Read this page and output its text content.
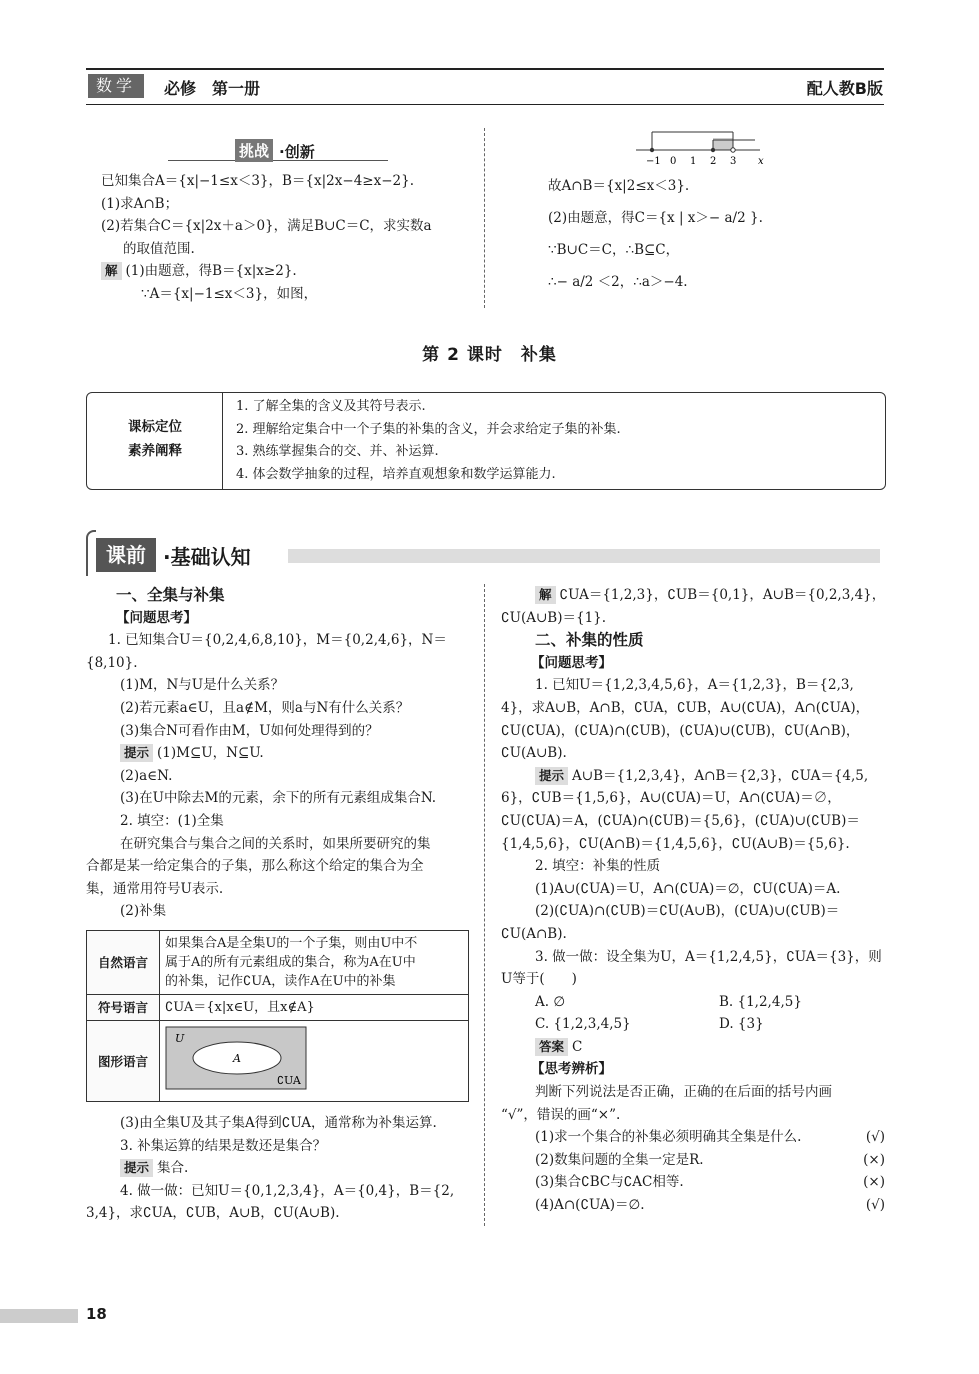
数学	必修　第一册	配人教B版
挑战 ·创新

已知集合A＝{x|−1≤x＜3}，B＝{x|2x−4≥x−2}.

(1)求A∩B；

(2)若集合C＝{x|2x＋a＞0}，满足B∪C＝C，求实数a

的取值范围.

解 (1)由题意，得B＝{x|x≥2}.

∵A＝{x|−1≤x＜3}，如图，

−1 0 1 2 3 x

故A∩B＝{x|2≤x＜3}.

(2)由题意，得C＝{x | x＞− a/2 }.

∵B∪C＝C，∴B⊆C，

∴− a/2 ＜2，∴a＞−4.

第 2 课时　补集
课标定位
素养阐释

1. 了解全集的含义及其符号表示.

2. 理解给定集合中一个子集的补集的含义，并会求给定子集的补集.

3. 熟练掌握集合的交、并、补运算.

4. 体会数学抽象的过程，培养直观想象和数学运算能力.

课前 ·基础认知

一、全集与补集

【问题思考】

1. 已知集合U＝{0,2,4,6,8,10}，M＝{0,2,4,6}，N＝

{8,10}.

(1)M，N与U是什么关系？

(2)若元素a∈U，且a∉M，则a与N有什么关系？

(3)集合N可看作由M，U如何处理得到的？

提示 (1)M⊆U，N⊆U.

(2)a∈N.

(3)在U中除去M的元素，余下的所有元素组成集合N.

2. 填空：(1)全集

在研究集合与集合之间的关系时，如果所要研究的集

合都是某一给定集合的子集，那么称这个给定的集合为全

集，通常用符号U表示.

(2)补集

自然语言	如果集合A是全集U的一个子集，则由U中不
属于A的所有元素组成的集合，称为A在U中
的补集，记作∁UA，读作A在U中的补集

符号语言	∁UA＝{x|x∈U，且x∉A}
图形语言	U
A
∁UA

(3)由全集U及其子集A得到∁UA，通常称为补集运算.

3. 补集运算的结果是数还是集合？

提示 集合.

4. 做一做：已知U＝{0,1,2,3,4}，A＝{0,4}，B＝{2,

3,4}，求∁UA，∁UB，A∪B，∁U(A∪B).

解 ∁UA＝{1,2,3}，∁UB＝{0,1}，A∪B＝{0,2,3,4}，

∁U(A∪B)＝{1}.

二、补集的性质

【问题思考】

1. 已知U＝{1,2,3,4,5,6}，A＝{1,2,3}，B＝{2,3,

4}，求A∪B，A∩B，∁UA，∁UB，A∪(∁UA)，A∩(∁UA)，

∁U(∁UA)，(∁UA)∩(∁UB)，(∁UA)∪(∁UB)，∁U(A∩B)，

∁U(A∪B).

提示 A∪B＝{1,2,3,4}，A∩B＝{2,3}，∁UA＝{4,5,

6}，∁UB＝{1,5,6}，A∪(∁UA)＝U，A∩(∁UA)＝∅，

∁U(∁UA)＝A，(∁UA)∩(∁UB)＝{5,6}，(∁UA)∪(∁UB)＝

{1,4,5,6}，∁U(A∩B)＝{1,4,5,6}，∁U(A∪B)＝{5,6}.

2. 填空：补集的性质

(1)A∪(∁UA)＝U，A∩(∁UA)＝∅，∁U(∁UA)＝A.

(2)(∁UA)∩(∁UB)＝∁U(A∪B)，(∁UA)∪(∁UB)＝

∁U(A∩B).

3. 做一做：设全集为U，A＝{1,2,4,5}，∁UA＝{3}，则

U等于(　　)

A. ∅	B. {1,2,4,5}

C. {1,2,3,4,5}	D. {3}

答案 C

【思考辨析】

判断下列说法是否正确，正确的在后面的括号内画

“√”，错误的画“×”.

(1)求一个集合的补集必须明确其全集是什么.	(√)

(2)数集问题的全集一定是R.	(×)

(3)集合∁BC与∁AC相等.	(×)

(4)A∩(∁UA)＝∅.	(√)

18
